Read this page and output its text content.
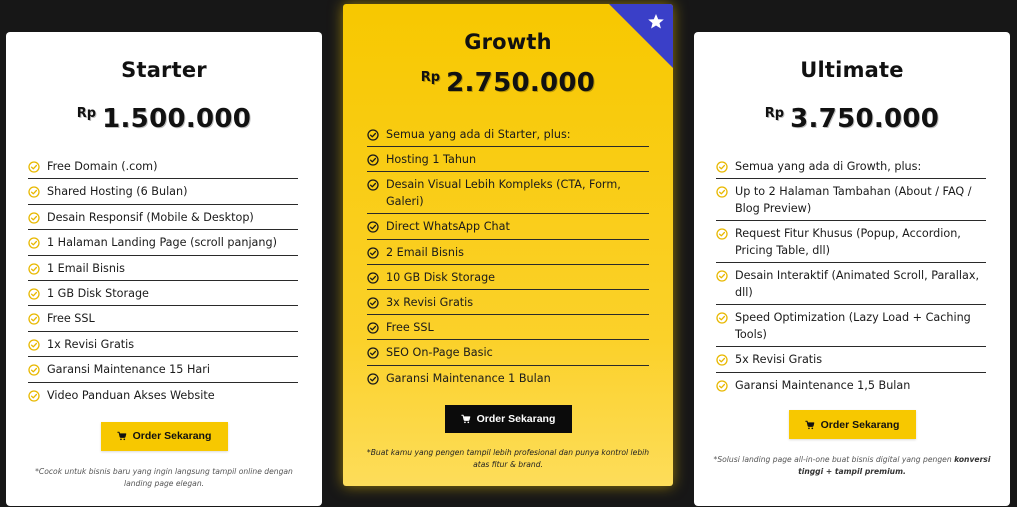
Starter
Rp 1.500.000
Free Domain (.com)
Shared Hosting (6 Bulan)
Desain Responsif (Mobile & Desktop)
1 Halaman Landing Page (scroll panjang)
1 Email Bisnis
1 GB Disk Storage
Free SSL
1x Revisi Gratis
Garansi Maintenance 15 Hari
Video Panduan Akses Website
Order Sekarang

*Cocok untuk bisnis baru yang ingin langsung tampil online dengan landing page elegan.

Growth
Rp 2.750.000
Semua yang ada di Starter, plus:
Hosting 1 Tahun
Desain Visual Lebih Kompleks (CTA, Form, Galeri)
Direct WhatsApp Chat
2 Email Bisnis
10 GB Disk Storage
3x Revisi Gratis
Free SSL
SEO On-Page Basic
Garansi Maintenance 1 Bulan
Order Sekarang

*Buat kamu yang pengen tampil lebih profesional dan punya kontrol lebih atas fitur & brand.

Ultimate
Rp 3.750.000
Semua yang ada di Growth, plus:
Up to 2 Halaman Tambahan (About / FAQ / Blog Preview)
Request Fitur Khusus (Popup, Accordion, Pricing Table, dll)
Desain Interaktif (Animated Scroll, Parallax, dll)
Speed Optimization (Lazy Load + Caching Tools)
5x Revisi Gratis
Garansi Maintenance 1,5 Bulan
Order Sekarang

*Solusi landing page all-in-one buat bisnis digital yang pengen konversi tinggi + tampil premium.
